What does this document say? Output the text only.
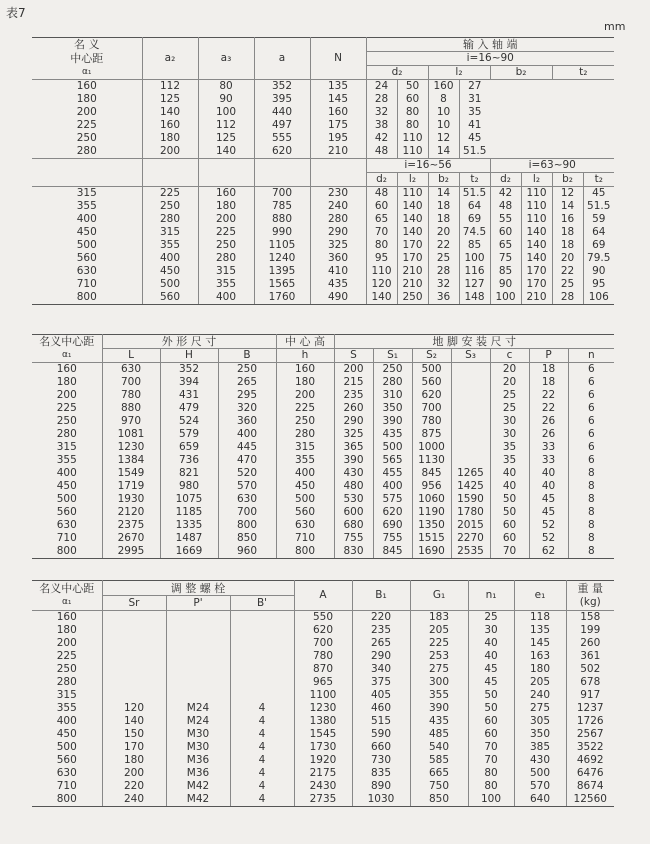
表7
mm
名 义	a₂	a₃	a	N	输 入 轴 端							
中心距					i=16~90							
α₁					d₂		l₂		b₂		t₂	
160	112	80	352	135	24	50	160	27				
180	125	90	395	145	28	60	8	31				
200	140	100	440	160	32	80	10	35				
225	160	112	497	175	38	80	10	41				
250	180	125	555	195	42	110	12	45				
280	200	140	620	210	48	110	14	51.5				
					i=16~56				i=63~90			
					d₂	l₂	b₂	t₂	d₂	l₂	b₂	t₂
315	225	160	700	230	48	110	14	51.5	42	110	12	45
355	250	180	785	240	60	140	18	64	48	110	14	51.5
400	280	200	880	280	65	140	18	69	55	110	16	59
450	315	225	990	290	70	140	20	74.5	60	140	18	64
500	355	250	1105	325	80	170	22	85	65	140	18	69
560	400	280	1240	360	95	170	25	100	75	140	20	79.5
630	450	315	1395	410	110	210	28	116	85	170	22	90
710	500	355	1565	435	120	210	32	127	90	170	25	95
800	560	400	1760	490	140	250	36	148	100	210	28	106
名义中心距	外 形 尺 寸			中 心 高	地 脚 安 装 尺 寸						
α₁	L	H	B	h	S	S₁	S₂	S₃	c	P	n
160	630	352	250	160	200	250	500		20	18	6
180	700	394	265	180	215	280	560		20	18	6
200	780	431	295	200	235	310	620		25	22	6
225	880	479	320	225	260	350	700		25	22	6
250	970	524	360	250	290	390	780		30	26	6
280	1081	579	400	280	325	435	875		30	26	6
315	1230	659	445	315	365	500	1000		35	33	6
355	1384	736	470	355	390	565	1130		35	33	6
400	1549	821	520	400	430	455	845	1265	40	40	8
450	1719	980	570	450	480	400	956	1425	40	40	8
500	1930	1075	630	500	530	575	1060	1590	50	45	8
560	2120	1185	700	560	600	620	1190	1780	50	45	8
630	2375	1335	800	630	680	690	1350	2015	60	52	8
710	2670	1487	850	710	755	755	1515	2270	60	52	8
800	2995	1669	960	800	830	845	1690	2535	70	62	8
名义中心距	调 整 螺 栓			A	B₁	G₁	n₁	e₁	重 量
α₁	Sr	P'	B'						(kg)
160				550	220	183	25	118	158
180				620	235	205	30	135	199
200				700	265	225	40	145	260
225				780	290	253	40	163	361
250				870	340	275	45	180	502
280				965	375	300	45	205	678
315				1100	405	355	50	240	917
355	120	M24	4	1230	460	390	50	275	1237
400	140	M24	4	1380	515	435	60	305	1726
450	150	M30	4	1545	590	485	60	350	2567
500	170	M30	4	1730	660	540	70	385	3522
560	180	M36	4	1920	730	585	70	430	4692
630	200	M36	4	2175	835	665	80	500	6476
710	220	M42	4	2430	890	750	80	570	8674
800	240	M42	4	2735	1030	850	100	640	12560
